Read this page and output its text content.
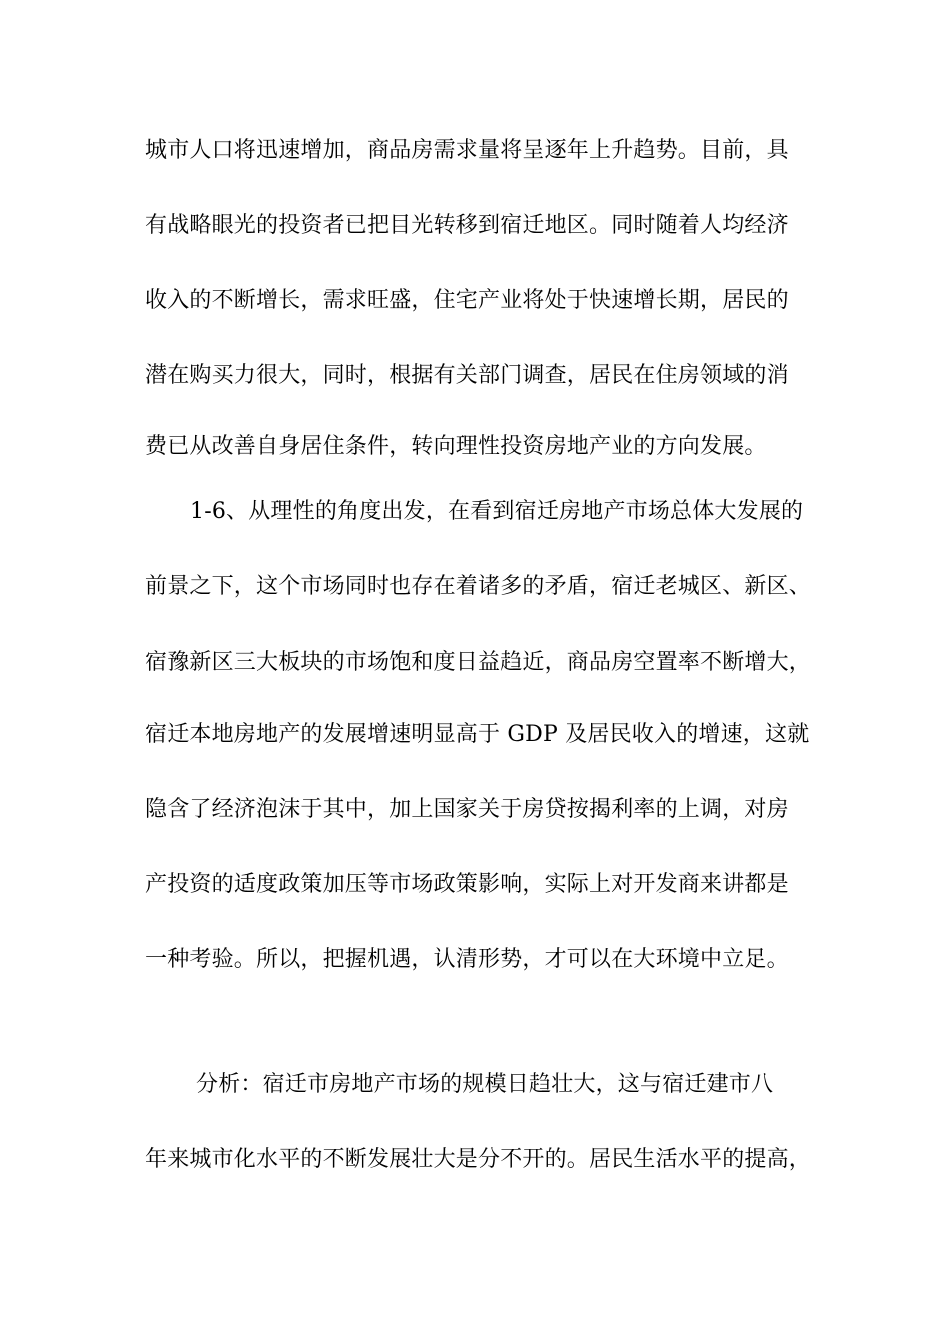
城市人口将迅速增加，商品房需求量将呈逐年上升趋势。目前，具
有战略眼光的投资者已把目光转移到宿迁地区。同时随着人均经济
收入的不断增长，需求旺盛，住宅产业将处于快速增长期，居民的
潜在购买力很大，同时，根据有关部门调查，居民在住房领域的消
费已从改善自身居住条件，转向理性投资房地产业的方向发展。
1-6、从理性的角度出发，在看到宿迁房地产市场总体大发展的
前景之下，这个市场同时也存在着诸多的矛盾，宿迁老城区、新区、
宿豫新区三大板块的市场饱和度日益趋近，商品房空置率不断增大，
宿迁本地房地产的发展增速明显高于 GDP 及居民收入的增速，这就
隐含了经济泡沫于其中，加上国家关于房贷按揭利率的上调，对房
产投资的适度政策加压等市场政策影响，实际上对开发商来讲都是
一种考验。所以，把握机遇，认清形势，才可以在大环境中立足。
分析：宿迁市房地产市场的规模日趋壮大，这与宿迁建市八
年来城市化水平的不断发展壮大是分不开的。居民生活水平的提高，
